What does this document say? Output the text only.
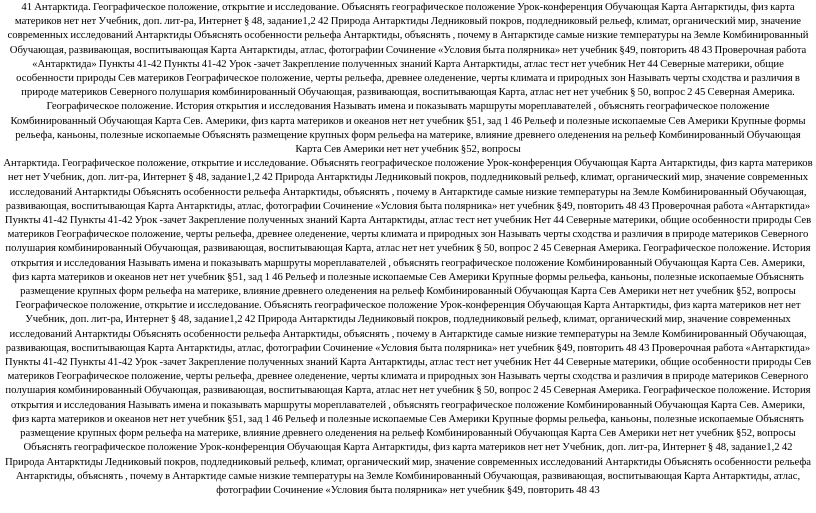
41 Антарктида. Географическое положение, открытие и исследование. Объяснять географическое положение Урок-конференция Обучающая Карта Антарктиды, физ карта материков нет нет Учебник, доп. лит-ра, Интернет § 48, задание1,2 42 Природа Антарктиды Ледниковый покров, подледниковый рельеф, климат, органический мир, значение современных исследований Антарктиды Объяснять особенности рельефа Антарктиды, объяснять , почему в Антарктиде самые низкие температуры на Земле Комбинированный Обучающая, развивающая, воспитывающая Карта Антарктиды, атлас, фотографии Сочинение «Условия быта полярника» нет учебник §49, повторить 48 43 Проверочная работа «Антарктида» Пункты 41-42 Пункты 41-42 Урок -зачет Закрепление полученных знаний Карта Антарктиды, атлас тест нет учебник Нет 44 Северные материки, общие особенности природы Сев материков Географическое положение, черты рельефа, древнее оледенение, черты климата и природных зон Называть черты сходства и различия в природе материков Северного полушария комбинированный Обучающая, развивающая, воспитывающая Карта, атлас нет нет учебник § 50, вопрос 2 45 Северная Америка. Географическое положение. История открытия и исследования Называть имена и показывать маршруты мореплавателей , объяснять географическое положение Комбинированный Обучающая Карта Сев. Америки, физ карта материков и океанов нет нет учебник §51, зад 1 46 Рельеф и полезные ископаемые Сев Америки Крупные формы рельефа, каньоны, полезные ископаемые Объяснять размещение крупных форм рельефа на материке, влияние древнего оледенения на рельеф Комбинированный Обучающая Карта Сев Америки нет нет учебник §52, вопросы

Антарктида. Географическое положение, открытие и исследование. Объяснять географическое положение Урок-конференция Обучающая Карта Антарктиды, физ карта материков нет нет Учебник, доп. лит-ра, Интернет § 48, задание1,2 42 Природа Антарктиды Ледниковый покров, подледниковый рельеф, климат, органический мир, значение современных исследований Антарктиды Объяснять особенности рельефа Антарктиды, объяснять , почему в Антарктиде самые низкие температуры на Земле Комбинированный Обучающая, развивающая, воспитывающая Карта Антарктиды, атлас, фотографии Сочинение «Условия быта полярника» нет учебник §49, повторить 48 43 Проверочная работа «Антарктида» Пункты 41-42 Пункты 41-42 Урок -зачет Закрепление полученных знаний Карта Антарктиды, атлас тест нет учебник Нет 44 Северные материки, общие особенности природы Сев материков Географическое положение, черты рельефа, древнее оледенение, черты климата и природных зон Называть черты сходства и различия в природе материков Северного полушария комбинированный Обучающая, развивающая, воспитывающая Карта, атлас нет нет учебник § 50, вопрос 2 45 Северная Америка. Географическое положение. История открытия и исследования Называть имена и показывать маршруты мореплавателей , объяснять географическое положение Комбинированный Обучающая Карта Сев. Америки, физ карта материков и океанов нет нет учебник §51, зад 1 46 Рельеф и полезные ископаемые Сев Америки Крупные формы рельефа, каньоны, полезные ископаемые Объяснять размещение крупных форм рельефа на материке, влияние древнего оледенения на рельеф Комбинированный Обучающая Карта Сев Америки нет нет учебник §52, вопросы

Географическое положение, открытие и исследование. Объяснять географическое положение Урок-конференция Обучающая Карта Антарктиды, физ карта материков нет нет Учебник, доп. лит-ра, Интернет § 48, задание1,2 42 Природа Антарктиды Ледниковый покров, подледниковый рельеф, климат, органический мир, значение современных исследований Антарктиды Объяснять особенности рельефа Антарктиды, объяснять , почему в Антарктиде самые низкие температуры на Земле Комбинированный Обучающая, развивающая, воспитывающая Карта Антарктиды, атлас, фотографии Сочинение «Условия быта полярника» нет учебник §49, повторить 48 43 Проверочная работа «Антарктида» Пункты 41-42 Пункты 41-42 Урок -зачет Закрепление полученных знаний Карта Антарктиды, атлас тест нет учебник Нет 44 Северные материки, общие особенности природы Сев материков Географическое положение, черты рельефа, древнее оледенение, черты климата и природных зон Называть черты сходства и различия в природе материков Северного полушария комбинированный Обучающая, развивающая, воспитывающая Карта, атлас нет нет учебник § 50, вопрос 2 45 Северная Америка. Географическое положение. История открытия и исследования Называть имена и показывать маршруты мореплавателей , объяснять географическое положение Комбинированный Обучающая Карта Сев. Америки, физ карта материков и океанов нет нет учебник §51, зад 1 46 Рельеф и полезные ископаемые Сев Америки Крупные формы рельефа, каньоны, полезные ископаемые Объяснять размещение крупных форм рельефа на материке, влияние древнего оледенения на рельеф Комбинированный Обучающая Карта Сев Америки нет нет учебник §52, вопросы

Объяснять географическое положение Урок-конференция Обучающая Карта Антарктиды, физ карта материков нет нет Учебник, доп. лит-ра, Интернет § 48, задание1,2 42 Природа Антарктиды Ледниковый покров, подледниковый рельеф, климат, органический мир, значение современных исследований Антарктиды Объяснять особенности рельефа Антарктиды, объяснять , почему в Антарктиде самые низкие температуры на Земле Комбинированный Обучающая, развивающая, воспитывающая Карта Антарктиды, атлас, фотографии Сочинение «Условия быта полярника» нет учебник §49, повторить 48 43
